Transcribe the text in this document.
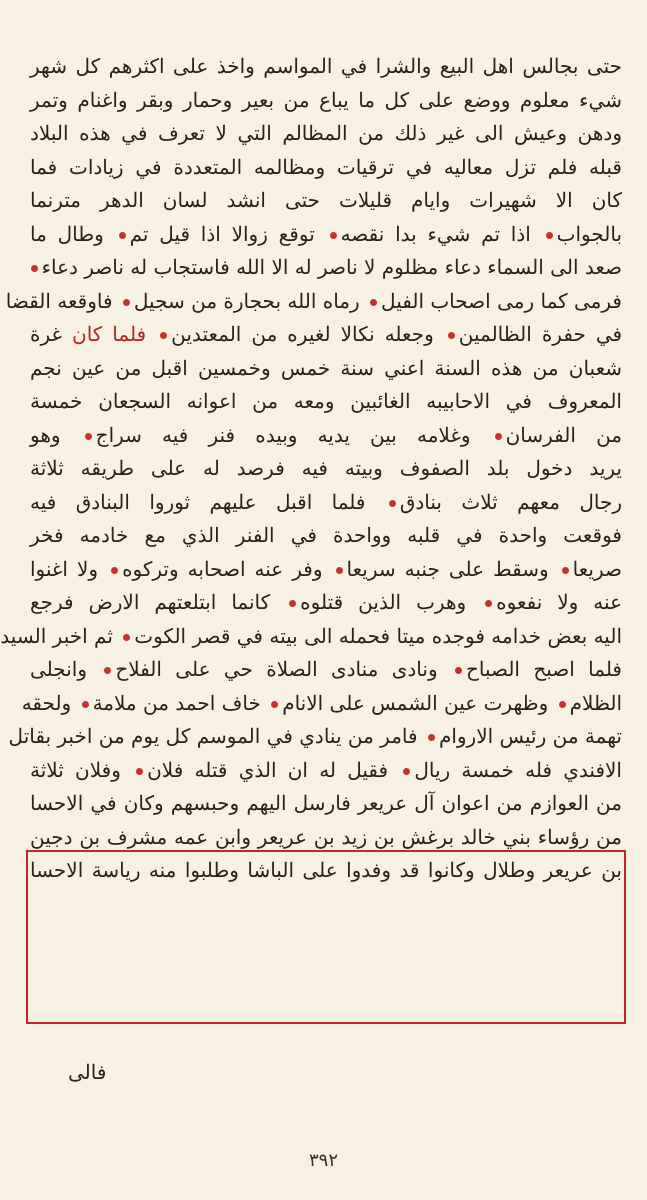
حتى بجالس اهل البيع والشرا في المواسم واخذ على اكثرهم كل شهر
شيء معلوم ووضع على كل ما يباع من بعير وحمار وبقر واغنام وتمر
ودهن وعيش الى غير ذلك من المظالم التي لا تعرف في هذه البلاد
قبله فلم تزل معاليه في ترقيات ومظالمه المتعددة في زيادات فما
كان الا شهيرات وايام قليلات حتى انشد لسان الدهر مترنما
بالجواب اذا تم شيء بدا نقصه توقع زوالا اذا قيل تم وطال ما
صعد الى السماء دعاء مظلوم لا ناصر له الا الله فاستجاب له ناصر دعاء
فرمى كما رمى اصحاب الفيل رماه الله بحجارة من سجيل فاوقعه القضا
في حفرة الظالمين وجعله نكالا لغيره من المعتدين فلما كان غرة
شعبان من هذه السنة اعني سنة خمس وخمسين اقبل من عين نجم
المعروف في الاحابيبه الغائبين ومعه من اعوانه السجعان خمسة
من الفرسان وغلامه بين يديه وبيده فنر فيه سراج وهو
يريد دخول بلد الصفوف وبيته فيه فرصد له على طريقه ثلاثة
رجال معهم ثلاث بنادق فلما اقبل عليهم ثوروا البنادق فيه
فوقعت واحدة في قلبه وواحدة في الفنر الذي مع خادمه فخر
صريعا وسقط على جنبه سريعا وفر عنه اصحابه وتركوه ولا اغنوا
عنه ولا نفعوه وهرب الذين قتلوه كانما ابتلعتهم الارض فرجع
اليه بعض خدامه فوجده ميتا فحمله الى بيته في قصر الكوت ثم اخبر السيد
فلما اصبح الصباح ونادى منادى الصلاة حي على الفلاح وانجلى
الظلام وظهرت عين الشمس على الانام خاف احمد من ملامة ولحقه
تهمة من رئيس الاروام فامر من ينادي في الموسم كل يوم من اخبر بقاتل
الافندي فله خمسة ريال فقيل له ان الذي قتله فلان وفلان ثلاثة
من العوازم من اعوان آل عريعر فارسل اليهم وحبسهم وكان في الاحسا
من رؤساء بني خالد برغش بن زيد بن عريعر وابن عمه مشرف بن دجين
بن عريعر وطلال وكانوا قد وفدوا على الباشا وطلبوا منه رياسة الاحسا
فالى
٣٩٢
